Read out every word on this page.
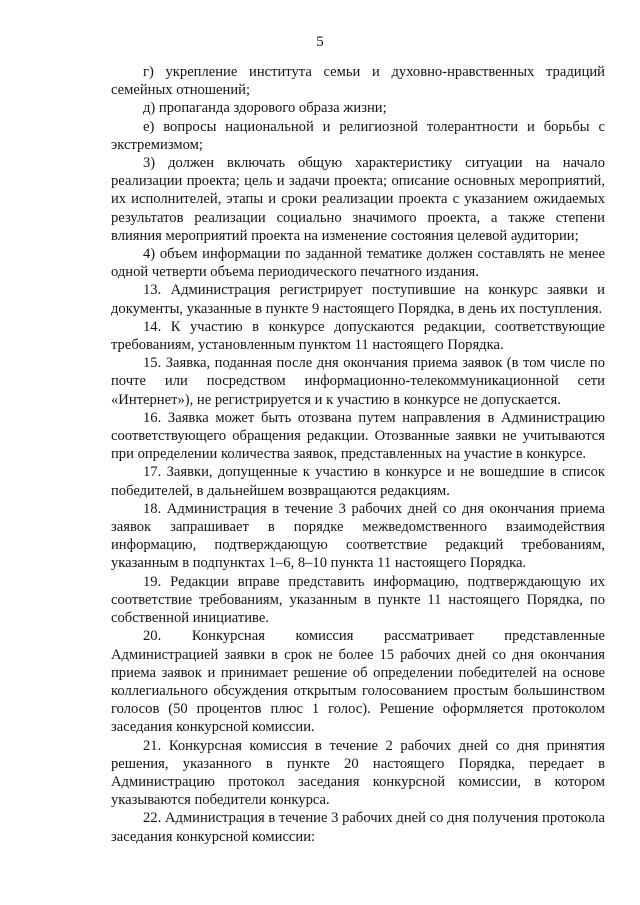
5

г) укрепление института семьи и духовно-нравственных традиций семейных отношений;

д) пропаганда здорового образа жизни;

е) вопросы национальной и религиозной толерантности и борьбы с экстремизмом;

3) должен включать общую характеристику ситуации на начало реализации проекта; цель и задачи проекта; описание основных мероприятий, их исполнителей, этапы и сроки реализации проекта с указанием ожидаемых результатов реализации социально значимого проекта, а также степени влияния мероприятий проекта на изменение состояния целевой аудитории;

4) объем информации по заданной тематике должен составлять не менее одной четверти объема периодического печатного издания.

13. Администрация регистрирует поступившие на конкурс заявки и документы, указанные в пункте 9 настоящего Порядка, в день их поступления.

14. К участию в конкурсе допускаются редакции, соответствующие требованиям, установленным пунктом 11 настоящего Порядка.

15. Заявка, поданная после дня окончания приема заявок (в том числе по почте или посредством информационно-телекоммуникационной сети «Интернет»), не регистрируется и к участию в конкурсе не допускается.

16. Заявка может быть отозвана путем направления в Администрацию соответствующего обращения редакции. Отозванные заявки не учитываются при определении количества заявок, представленных на участие в конкурсе.

17. Заявки, допущенные к участию в конкурсе и не вошедшие в список победителей, в дальнейшем возвращаются редакциям.

18. Администрация в течение 3 рабочих дней со дня окончания приема заявок запрашивает в порядке межведомственного взаимодействия информацию, подтверждающую соответствие редакций требованиям, указанным в подпунктах 1–6, 8–10 пункта 11 настоящего Порядка.

19. Редакции вправе представить информацию, подтверждающую их соответствие требованиям, указанным в пункте 11 настоящего Порядка, по собственной инициативе.

20. Конкурсная комиссия рассматривает представленные Администрацией заявки в срок не более 15 рабочих дней со дня окончания приема заявок и принимает решение об определении победителей на основе коллегиального обсуждения открытым голосованием простым большинством голосов (50 процентов плюс 1 голос). Решение оформляется протоколом заседания конкурсной комиссии.

21. Конкурсная комиссия в течение 2 рабочих дней со дня принятия решения, указанного в пункте 20 настоящего Порядка, передает в Администрацию протокол заседания конкурсной комиссии, в котором указываются победители конкурса.

22. Администрация в течение 3 рабочих дней со дня получения протокола заседания конкурсной комиссии:
